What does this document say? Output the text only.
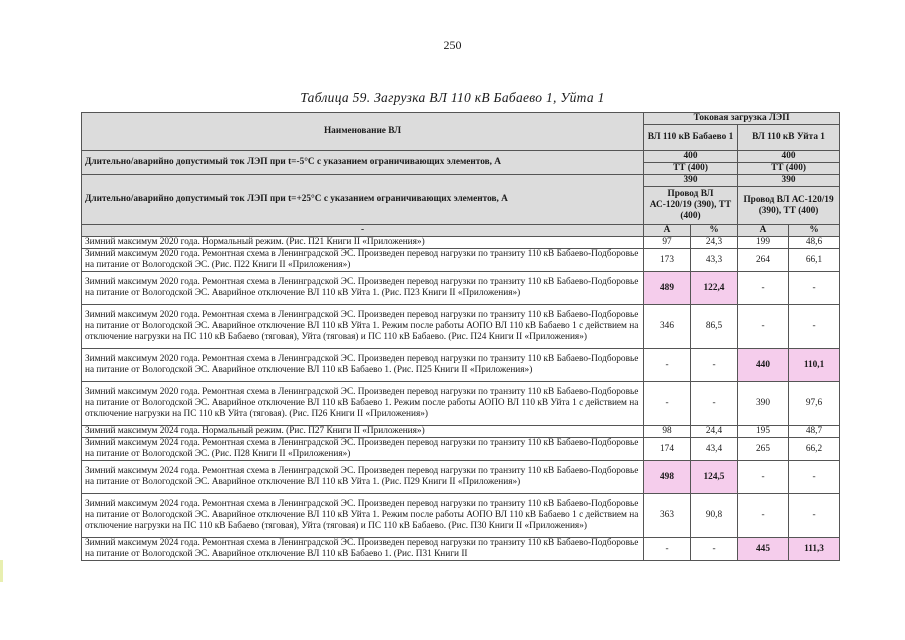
250
Таблица 59. Загрузка ВЛ 110 кВ Бабаево 1, Уйта 1
Наименование ВЛ	Токовая загрузка ЛЭП			
	ВЛ 110 кВ Бабаево 1		ВЛ 110 кВ Уйта 1	
Длительно/аварийно допустимый ток ЛЭП при t=-5°С с указанием ограничивающих элементов, А	400		400	
	ТТ (400)		ТТ (400)	
Длительно/аварийно допустимый ток ЛЭП при t=+25°С с указанием ограничивающих элементов, А	390		390	
	Провод ВЛ АС-120/19 (390), ТТ (400)		Провод ВЛ АС-120/19 (390), ТТ (400)	
-	А	%	А	%
Зимний максимум 2020 года. Нормальный режим. (Рис. П21 Книги II «Приложения»)	97	24,3	199	48,6
Зимний максимум 2020 года. Ремонтная схема в Ленинградской ЭС. Произведен перевод нагрузки по транзиту 110 кВ Бабаево-Подборовье на питание от Вологодской ЭС. (Рис. П22 Книги II «Приложения»)	173	43,3	264	66,1
Зимний максимум 2020 года. Ремонтная схема в Ленинградской ЭС. Произведен перевод нагрузки по транзиту 110 кВ Бабаево-Подборовье на питание от Вологодской ЭС. Аварийное отключение ВЛ 110 кВ Уйта 1. (Рис. П23 Книги II «Приложения»)	489	122,4	-	-
Зимний максимум 2020 года. Ремонтная схема в Ленинградской ЭС. Произведен перевод нагрузки по транзиту 110 кВ Бабаево-Подборовье на питание от Вологодской ЭС. Аварийное отключение ВЛ 110 кВ Уйта 1. Режим после работы АОПО ВЛ 110 кВ Бабаево 1 с действием на отключение нагрузки на ПС 110 кВ Бабаево (тяговая), Уйта (тяговая) и ПС 110 кВ Бабаево. (Рис. П24 Книги II «Приложения»)	346	86,5	-	-
Зимний максимум 2020 года. Ремонтная схема в Ленинградской ЭС. Произведен перевод нагрузки по транзиту 110 кВ Бабаево-Подборовье на питание от Вологодской ЭС. Аварийное отключение ВЛ 110 кВ Бабаево 1. (Рис. П25 Книги II «Приложения»)	-	-	440	110,1
Зимний максимум 2020 года. Ремонтная схема в Ленинградской ЭС. Произведен перевод нагрузки по транзиту 110 кВ Бабаево-Подборовье на питание от Вологодской ЭС. Аварийное отключение ВЛ 110 кВ Бабаево 1. Режим после работы АОПО ВЛ 110 кВ Уйта 1 с действием на отключение нагрузки на ПС 110 кВ Уйта (тяговая). (Рис. П26 Книги II «Приложения»)	-	-	390	97,6
Зимний максимум 2024 года. Нормальный режим. (Рис. П27 Книги II «Приложения»)	98	24,4	195	48,7
Зимний максимум 2024 года. Ремонтная схема в Ленинградской ЭС. Произведен перевод нагрузки по транзиту 110 кВ Бабаево-Подборовье на питание от Вологодской ЭС. (Рис. П28 Книги II «Приложения»)	174	43,4	265	66,2
Зимний максимум 2024 года. Ремонтная схема в Ленинградской ЭС. Произведен перевод нагрузки по транзиту 110 кВ Бабаево-Подборовье на питание от Вологодской ЭС. Аварийное отключение ВЛ 110 кВ Уйта 1. (Рис. П29 Книги II «Приложения»)	498	124,5	-	-
Зимний максимум 2024 года. Ремонтная схема в Ленинградской ЭС. Произведен перевод нагрузки по транзиту 110 кВ Бабаево-Подборовье на питание от Вологодской ЭС. Аварийное отключение ВЛ 110 кВ Уйта 1. Режим после работы АОПО ВЛ 110 кВ Бабаево 1 с действием на отключение нагрузки на ПС 110 кВ Бабаево (тяговая), Уйта (тяговая) и ПС 110 кВ Бабаево. (Рис. П30 Книги II «Приложения»)	363	90,8	-	-
Зимний максимум 2024 года. Ремонтная схема в Ленинградской ЭС. Произведен перевод нагрузки по транзиту 110 кВ Бабаево-Подборовье на питание от Вологодской ЭС. Аварийное отключение ВЛ 110 кВ Бабаево 1. (Рис. П31 Книги II	-	-	445	111,3
